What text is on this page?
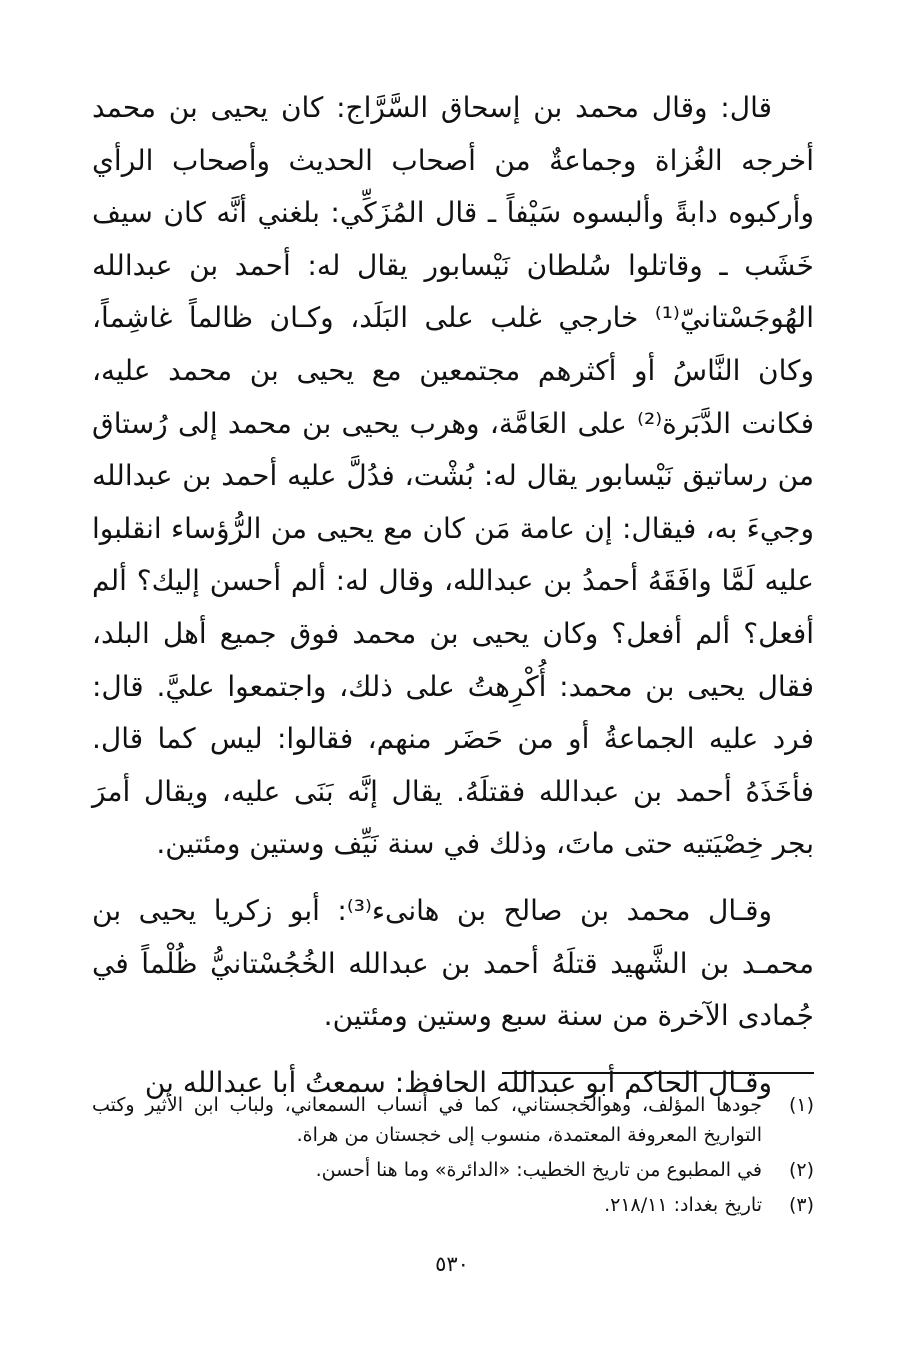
قال: وقال محمد بن إسحاق السَّرَّاج: كان يحيى بن محمد أخرجه الغُزاة وجماعةٌ من أصحاب الحديث وأصحاب الرأي وأركبوه دابةً وألبسوه سَيْفاً ـ قال المُزَكِّي: بلغني أنَّه كان سيف خَشَب ـ وقاتلوا سُلطان نَيْسابور يقال له: أحمد بن عبدالله الهُوجَسْتانيّ⁽¹⁾ خارجي غلب على البَلَد، وكـان ظالماً غاشِماً، وكان النَّاسُ أو أكثرهم مجتمعين مع يحيى بن محمد عليه، فكانت الدَّبَرة⁽²⁾ على العَامَّة، وهرب يحيى بن محمد إلى رُستاق من رساتيق نَيْسابور يقال له: بُشْت، فدُلَّ عليه أحمد بن عبدالله وجيءَ به، فيقال: إن عامة مَن كان مع يحيى من الرُّؤساء انقلبوا عليه لَمَّا وافَقَهُ أحمدُ بن عبدالله، وقال له: ألم أحسن إليك؟ ألم أفعل؟ ألم أفعل؟ وكان يحيى بن محمد فوق جميع أهل البلد، فقال يحيى بن محمد: أُكْرِهتُ على ذلك، واجتمعوا عليَّ. قال: فرد عليه الجماعةُ أو من حَضَر منهم، فقالوا: ليس كما قال. فأخَذَهُ أحمد بن عبدالله فقتلَهُ. يقال إنَّه بَنَى عليه، ويقال أمرَ بجر خِصْيَتيه حتى ماتَ، وذلك في سنة نَيِّف وستين ومئتين.

وقـال محمد بن صالح بن هانىء⁽³⁾: أبو زكريا يحيى بن محمـد بن الشَّهيد قتلَهُ أحمد بن عبدالله الخُجُسْتانيُّ ظُلْماً في جُمادى الآخرة من سنة سبع وستين ومئتين.

وقـال الحاكم أبو عبدالله الحافظ: سمعتُ أبا عبدالله بن

(١)
جودها المؤلف، وهوالخجستاني، كما في أنساب السمعاني، ولباب ابن الأثير وكتب التواريخ المعروفة المعتمدة، منسوب إلى خجستان من هراة.
(٢)
في المطبوع من تاريخ الخطيب: «الدائرة» وما هنا أحسن.
(٣)
تاريخ بغداد: ٢١٨/١١.
٥٣٠
